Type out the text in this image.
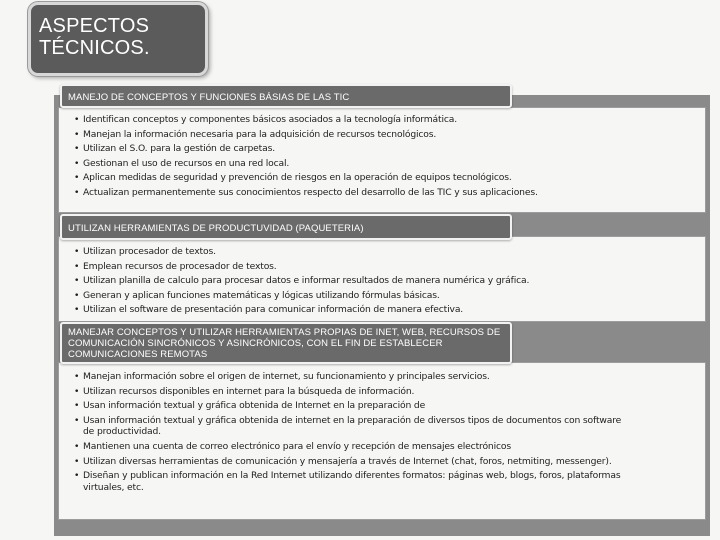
ASPECTOS
TÉCNICOS.
MANEJO DE CONCEPTOS Y FUNCIONES BÁSIAS DE LAS TIC
• Identifican conceptos y componentes básicos asociados a la tecnología informática.
• Manejan la información necesaria para la adquisición de recursos tecnológicos.
• Utilizan el S.O. para la gestión de carpetas.
• Gestionan el uso de recursos en una red local.
• Aplican medidas de seguridad y prevención de riesgos en la operación de equipos tecnológicos.
• Actualizan permanentemente sus conocimientos respecto del desarrollo de las TIC y sus aplicaciones.
UTILIZAN HERRAMIENTAS DE PRODUCTUVIDAD (PAQUETERIA)
• Utilizan procesador de textos.
• Emplean recursos de procesador de textos.
• Utilizan planilla de calculo para procesar datos e informar resultados de manera numérica y gráfica.
• Generan y aplican funciones matemáticas y lógicas utilizando fórmulas básicas.
• Utilizan el software de presentación para comunicar información de manera efectiva.
MANEJAR CONCEPTOS Y UTILIZAR HERRAMIENTAS PROPIAS DE INET, WEB, RECURSOS DE COMUNICACIÓN SINCRÓNICOS Y ASINCRÓNICOS, CON EL FIN DE ESTABLECER COMUNICACIONES REMOTAS
• Manejan información sobre el origen de internet, su funcionamiento y principales servicios.
• Utilizan recursos disponibles en internet para la búsqueda de información.
• Usan información textual y gráfica obtenida de Internet en la preparación de
• Usan información textual y gráfica obtenida de internet en la preparación de diversos tipos de documentos con software de productividad.
• Mantienen una cuenta de correo electrónico para el envío y recepción de mensajes electrónicos
• Utilizan diversas herramientas de comunicación y mensajería a través de Internet (chat, foros, netmiting, messenger).
• Diseñan y publican información en la Red Internet utilizando diferentes formatos: páginas web, blogs, foros, plataformas virtuales, etc.
